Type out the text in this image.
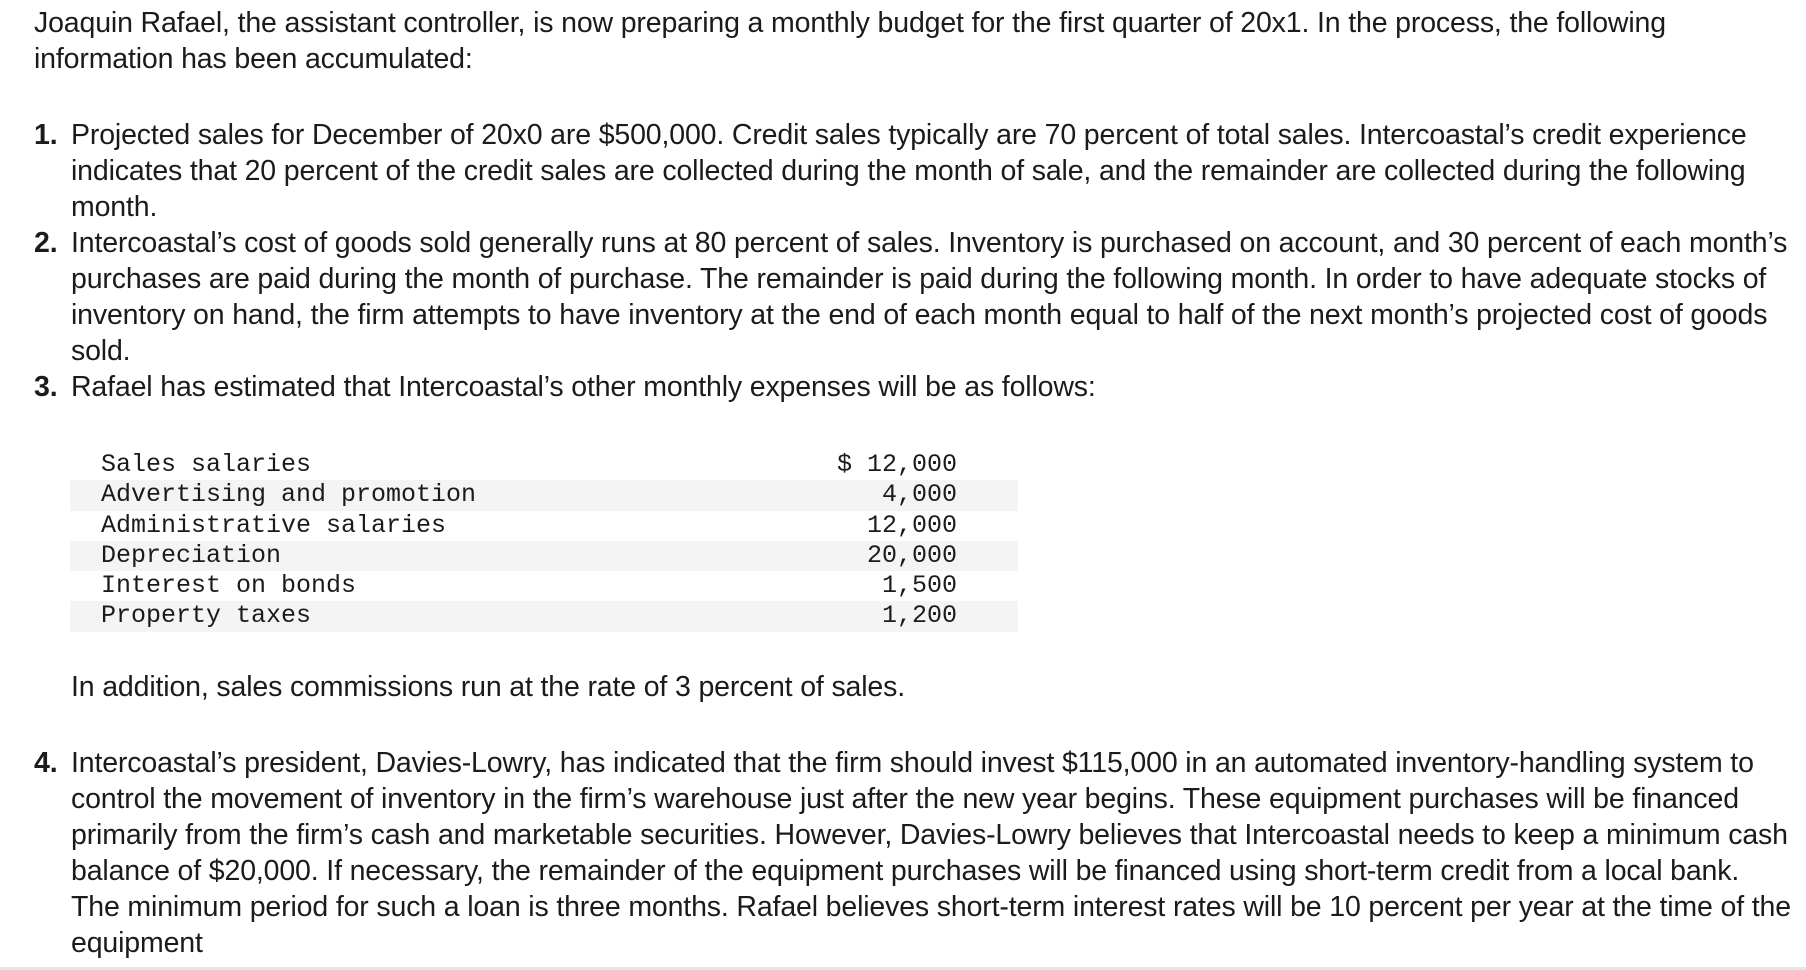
Joaquin Rafael, the assistant controller, is now preparing a monthly budget for the first quarter of 20x1. In the process, the following information has been accumulated:

1. Projected sales for December of 20x0 are $500,000. Credit sales typically are 70 percent of total sales. Intercoastal’s credit experience indicates that 20 percent of the credit sales are collected during the month of sale, and the remainder are collected during the following month.
2. Intercoastal’s cost of goods sold generally runs at 80 percent of sales. Inventory is purchased on account, and 30 percent of each month’s purchases are paid during the month of purchase. The remainder is paid during the following month. In order to have adequate stocks of inventory on hand, the firm attempts to have inventory at the end of each month equal to half of the next month’s projected cost of goods sold.
3. Rafael has estimated that Intercoastal’s other monthly expenses will be as follows:
Sales salaries	$ 12,000
Advertising and promotion	4,000
Administrative salaries	12,000
Depreciation	20,000
Interest on bonds	1,500
Property taxes	1,200

In addition, sales commissions run at the rate of 3 percent of sales.

4. Intercoastal’s president, Davies-Lowry, has indicated that the firm should invest $115,000 in an automated inventory-handling system to control the movement of inventory in the firm’s warehouse just after the new year begins. These equipment purchases will be financed primarily from the firm’s cash and marketable securities. However, Davies-Lowry believes that Intercoastal needs to keep a minimum cash balance of $20,000. If necessary, the remainder of the equipment purchases will be financed using short-term credit from a local bank. The minimum period for such a loan is three months. Rafael believes short-term interest rates will be 10 percent per year at the time of the equipment
